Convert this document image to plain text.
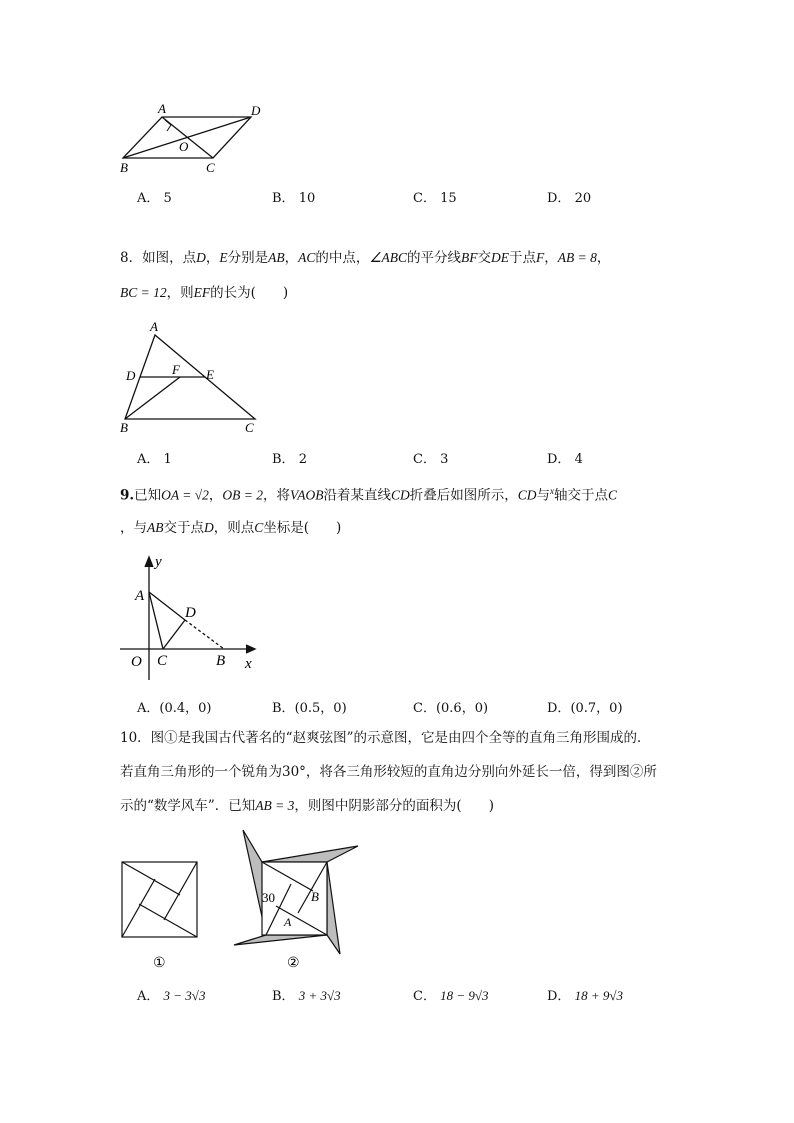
A	D
B	C
O
A． 5	B． 10	C． 15	D． 20
8．如图，点D，E分别是AB，AC的中点，∠ABC的平分线BF交DE于点F，AB = 8，
BC = 12，则EF的长为(　　)
A
D	F E
B	C
A． 1	B． 2	C． 3	D． 4
9.已知OA = √2，OB = 2，将VAOB沿着某直线CD折叠后如图所示，CD与$^x$轴交于点C
，与AB交于点D，则点C坐标是(　　)
y
x
A
D
O C	B
A．(0.4，0)	B．(0.5，0)	C．(0.6，0)	D．(0.7，0)
10．图①是我国古代著名的“赵爽弦图”的示意图，它是由四个全等的直角三角形围成的．
若直角三角形的一个锐角为30°，将各三角形较短的直角边分别向外延长一倍，得到图②所
示的“数学风车”．已知AB = 3，则图中阴影部分的面积为(　　)
①
30	B
A
②
A． 3 − 3√3	B． 3 + 3√3	C． 18 − 9√3	D． 18 + 9√3
